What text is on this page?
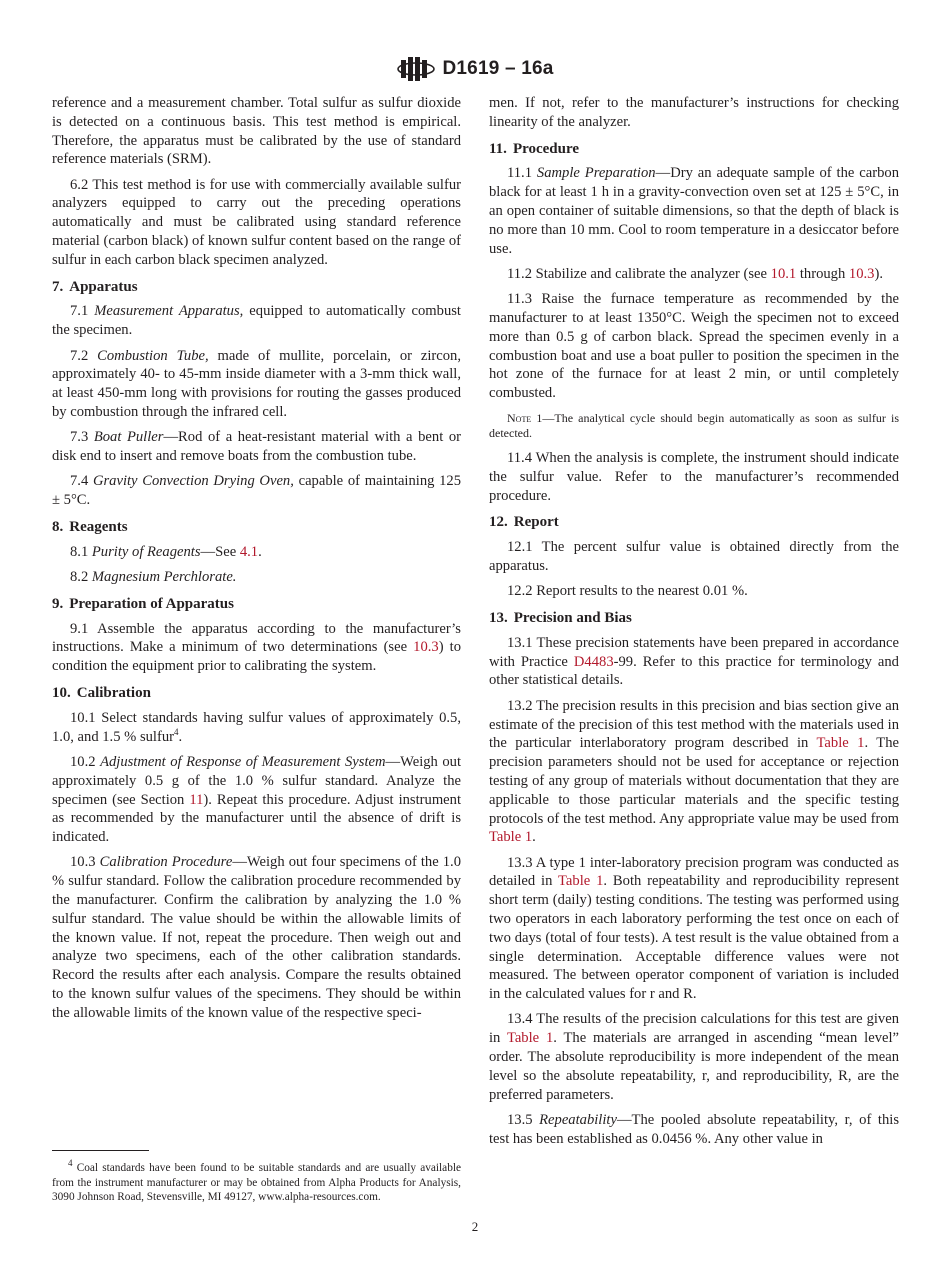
D1619 – 16a

reference and a measurement chamber. Total sulfur as sulfur dioxide is detected on a continuous basis. This test method is empirical. Therefore, the apparatus must be calibrated by the use of standard reference materials (SRM).

6.2 This test method is for use with commercially available sulfur analyzers equipped to carry out the preceding operations automatically and must be calibrated using standard reference material (carbon black) of known sulfur content based on the range of sulfur in each carbon black specimen analyzed.

7. Apparatus

7.1 Measurement Apparatus, equipped to automatically combust the specimen.

7.2 Combustion Tube, made of mullite, porcelain, or zircon, approximately 40- to 45-mm inside diameter with a 3-mm thick wall, at least 450-mm long with provisions for routing the gasses produced by combustion through the infrared cell.

7.3 Boat Puller—Rod of a heat-resistant material with a bent or disk end to insert and remove boats from the combustion tube.

7.4 Gravity Convection Drying Oven, capable of maintaining 125 ± 5°C.

8. Reagents

8.1 Purity of Reagents—See 4.1.

8.2 Magnesium Perchlorate.

9. Preparation of Apparatus

9.1 Assemble the apparatus according to the manufacturer’s instructions. Make a minimum of two determinations (see 10.3) to condition the equipment prior to calibrating the system.

10. Calibration

10.1 Select standards having sulfur values of approximately 0.5, 1.0, and 1.5 % sulfur$^4$.

10.2 Adjustment of Response of Measurement System—Weigh out approximately 0.5 g of the 1.0 % sulfur standard. Analyze the specimen (see Section 11). Repeat this procedure. Adjust instrument as recommended by the manufacturer until the absence of drift is indicated.

10.3 Calibration Procedure—Weigh out four specimens of the 1.0 % sulfur standard. Follow the calibration procedure recommended by the manufacturer. Confirm the calibration by analyzing the 1.0 % sulfur standard. The value should be within the allowable limits of the known value. If not, repeat the procedure. Then weigh out and analyze two specimens, each of the other calibration standards. Record the results after each analysis. Compare the results obtained to the known sulfur values of the specimens. They should be within the allowable limits of the known value of the respective speci-

$^4$ Coal standards have been found to be suitable standards and are usually available from the instrument manufacturer or may be obtained from Alpha Products for Analysis, 3090 Johnson Road, Stevensville, MI 49127, www.alpha-resources.com.

men. If not, refer to the manufacturer’s instructions for checking linearity of the analyzer.

11. Procedure

11.1 Sample Preparation—Dry an adequate sample of the carbon black for at least 1 h in a gravity-convection oven set at 125 ± 5°C, in an open container of suitable dimensions, so that the depth of black is no more than 10 mm. Cool to room temperature in a desiccator before use.

11.2 Stabilize and calibrate the analyzer (see 10.1 through 10.3).

11.3 Raise the furnace temperature as recommended by the manufacturer to at least 1350°C. Weigh the specimen not to exceed more than 0.5 g of carbon black. Spread the specimen evenly in a combustion boat and use a boat puller to position the specimen in the hot zone of the furnace for at least 2 min, or until completely combusted.

Note 1—The analytical cycle should begin automatically as soon as sulfur is detected.

11.4 When the analysis is complete, the instrument should indicate the sulfur value. Refer to the manufacturer’s recommended procedure.

12. Report

12.1 The percent sulfur value is obtained directly from the apparatus.

12.2 Report results to the nearest 0.01 %.

13. Precision and Bias

13.1 These precision statements have been prepared in accordance with Practice D4483-99. Refer to this practice for terminology and other statistical details.

13.2 The precision results in this precision and bias section give an estimate of the precision of this test method with the materials used in the particular interlaboratory program described in Table 1. The precision parameters should not be used for acceptance or rejection testing of any group of materials without documentation that they are applicable to those particular materials and the specific testing protocols of the test method. Any appropriate value may be used from Table 1.

13.3 A type 1 inter-laboratory precision program was conducted as detailed in Table 1. Both repeatability and reproducibility represent short term (daily) testing conditions. The testing was performed using two operators in each laboratory performing the test once on each of two days (total of four tests). A test result is the value obtained from a single determination. Acceptable difference values were not measured. The between operator component of variation is included in the calculated values for r and R.

13.4 The results of the precision calculations for this test are given in Table 1. The materials are arranged in ascending “mean level” order. The absolute reproducibility is more independent of the mean level so the absolute repeatability, r, and reproducibility, R, are the preferred parameters.

13.5 Repeatability—The pooled absolute repeatability, r, of this test has been established as 0.0456 %. Any other value in

2
